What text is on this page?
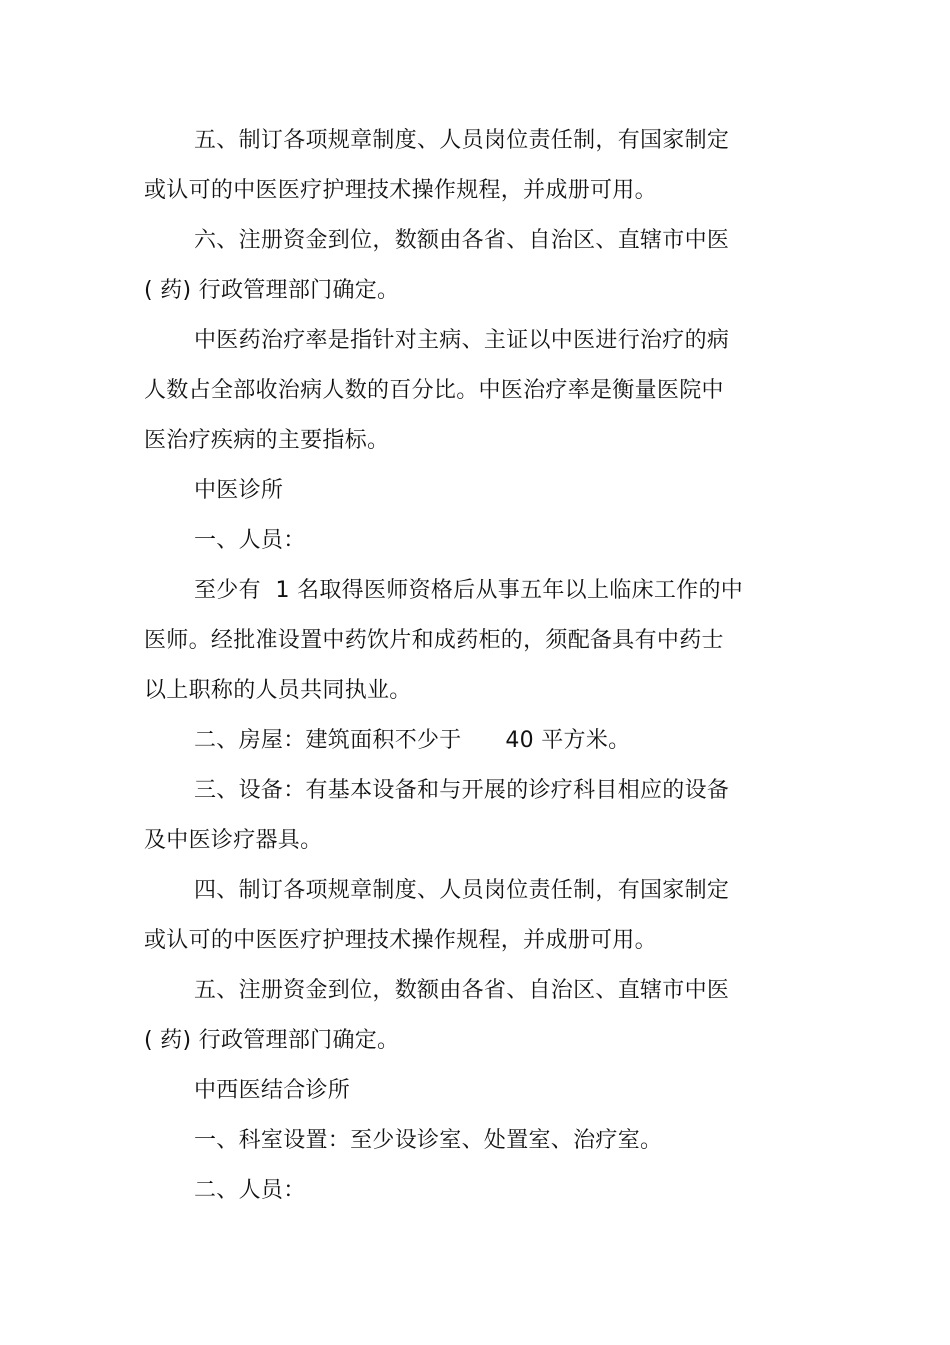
五、制订各项规章制度、人员岗位责任制，有国家制定
或认可的中医医疗护理技术操作规程，并成册可用。
六、注册资金到位，数额由各省、自治区、直辖市中医
( 药) 行政管理部门确定。
中医药治疗率是指针对主病、主证以中医进行治疗的病
人数占全部收治病人数的百分比。中医治疗率是衡量医院中
医治疗疾病的主要指标。
中医诊所
一、人员：
至少有  1 名取得医师资格后从事五年以上临床工作的中
医师。经批准设置中药饮片和成药柜的，须配备具有中药士
以上职称的人员共同执业。
二、房屋：建筑面积不少于      40 平方米。
三、设备：有基本设备和与开展的诊疗科目相应的设备
及中医诊疗器具。
四、制订各项规章制度、人员岗位责任制，有国家制定
或认可的中医医疗护理技术操作规程，并成册可用。
五、注册资金到位，数额由各省、自治区、直辖市中医
( 药) 行政管理部门确定。
中西医结合诊所
一、科室设置：至少设诊室、处置室、治疗室。
二、人员：
